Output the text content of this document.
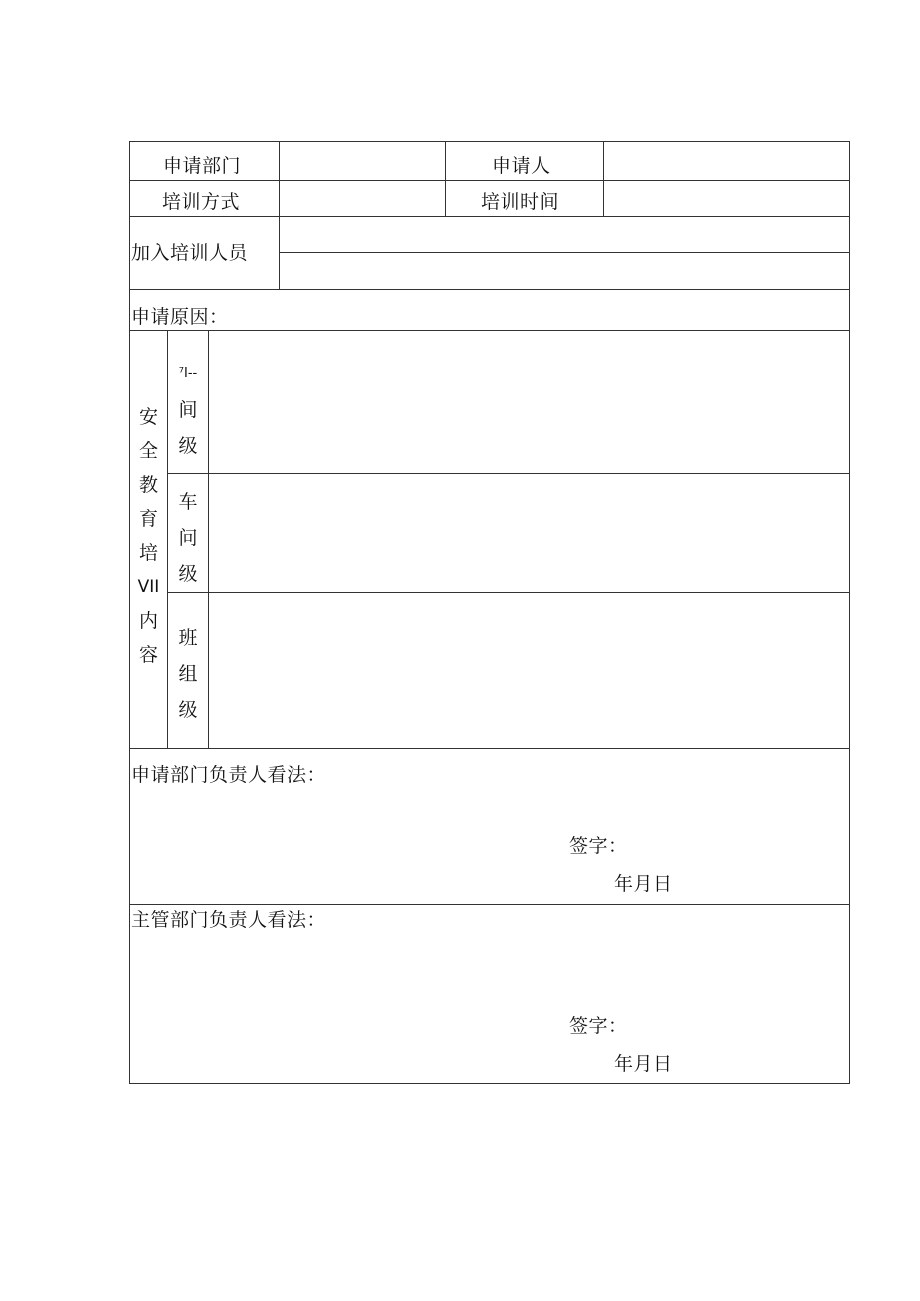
申请部门	申请人
培训方式	培训时间
加入培训人员
申请原因：
安
全
教
育
培
VII
内
容
⁷I--
间
级
车
问
级
班
组
级
申请部门负责人看法：
签字：
年月日
主管部门负责人看法：
签字：
年月日
